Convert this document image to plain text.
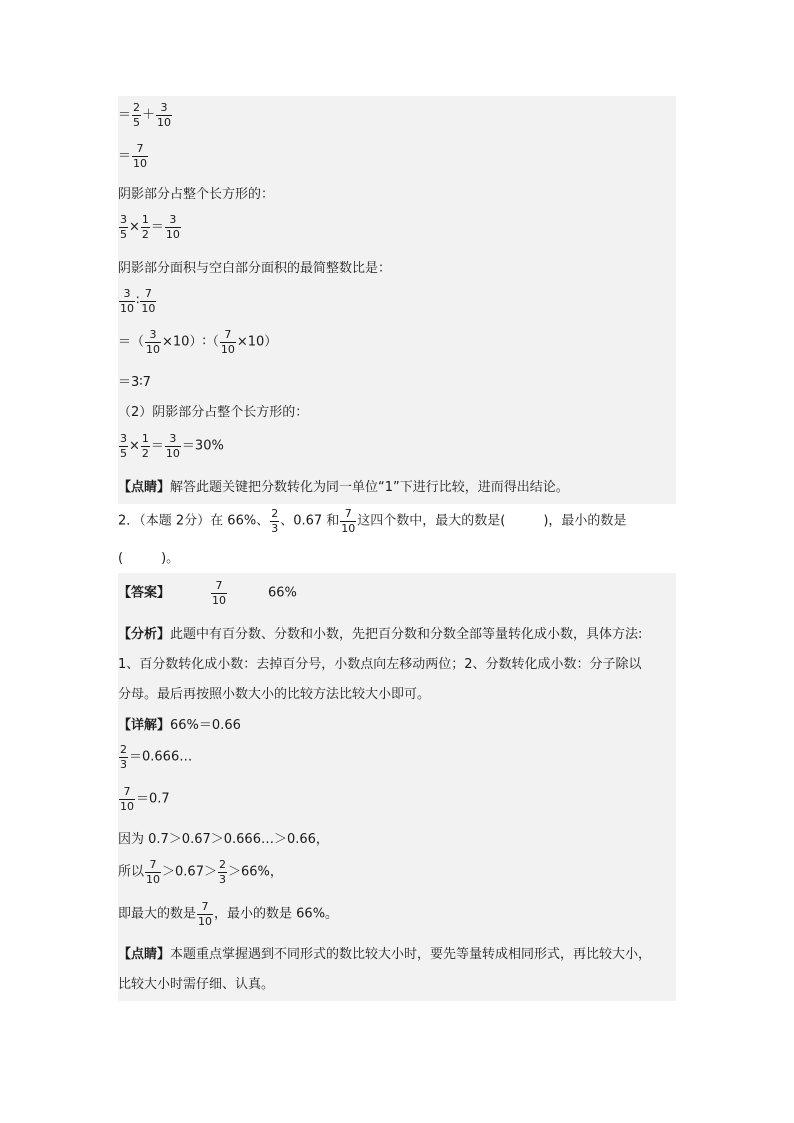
＝ $\frac{2}{5} + \frac{3}{10}$
＝ $\frac{7}{10}$
阴影部分占整个长方形的：
$\frac{3}{5} \times \frac{1}{2} = \frac{3}{10}$
阴影部分面积与空白部分面积的最简整数比是：
$\frac{3}{10}$ ∶ $\frac{7}{10}$
＝（ $\frac{3}{10}$ ×10）∶（ $\frac{7}{10} \times 10$）
＝3∶7
（2）阴影部分占整个长方形的：
$\frac{3}{5} \times \frac{1}{2} = \frac{3}{10} =30\%$
【点睛】解答此题关键把分数转化为同一单位“1”下进行比较，进而得出结论。
2．（本题 2分）在 66%、 $\frac{2}{3}$ 、0.67 和 $\frac{7}{10}$ 这四个数中，最大的数是(	)，最小的数是
(	)。
【答案】	$\frac{7}{10}$	66%
【分析】此题中有百分数、分数和小数，先把百分数和分数全部等量转化成小数，具体方法:
1、百分数转化成小数：去掉百分号，小数点向左移动两位；2、分数转化成小数：分子除以
分母。最后再按照小数大小的比较方法比较大小即可。
【详解】66%＝0.66
$\frac{2}{3}$ ＝0.666…
$\frac{7}{10} =0.7$
因为 0.7＞0.67＞0.666…＞0.66，
所以 $\frac{7}{10} >0.67> \frac{2}{3} >66\%$，
即最大的数是 $\frac{7}{10}$ ，最小的数是 66%。
【点睛】本题重点掌握遇到不同形式的数比较大小时，要先等量转成相同形式，再比较大小，
比较大小时需仔细、认真。
